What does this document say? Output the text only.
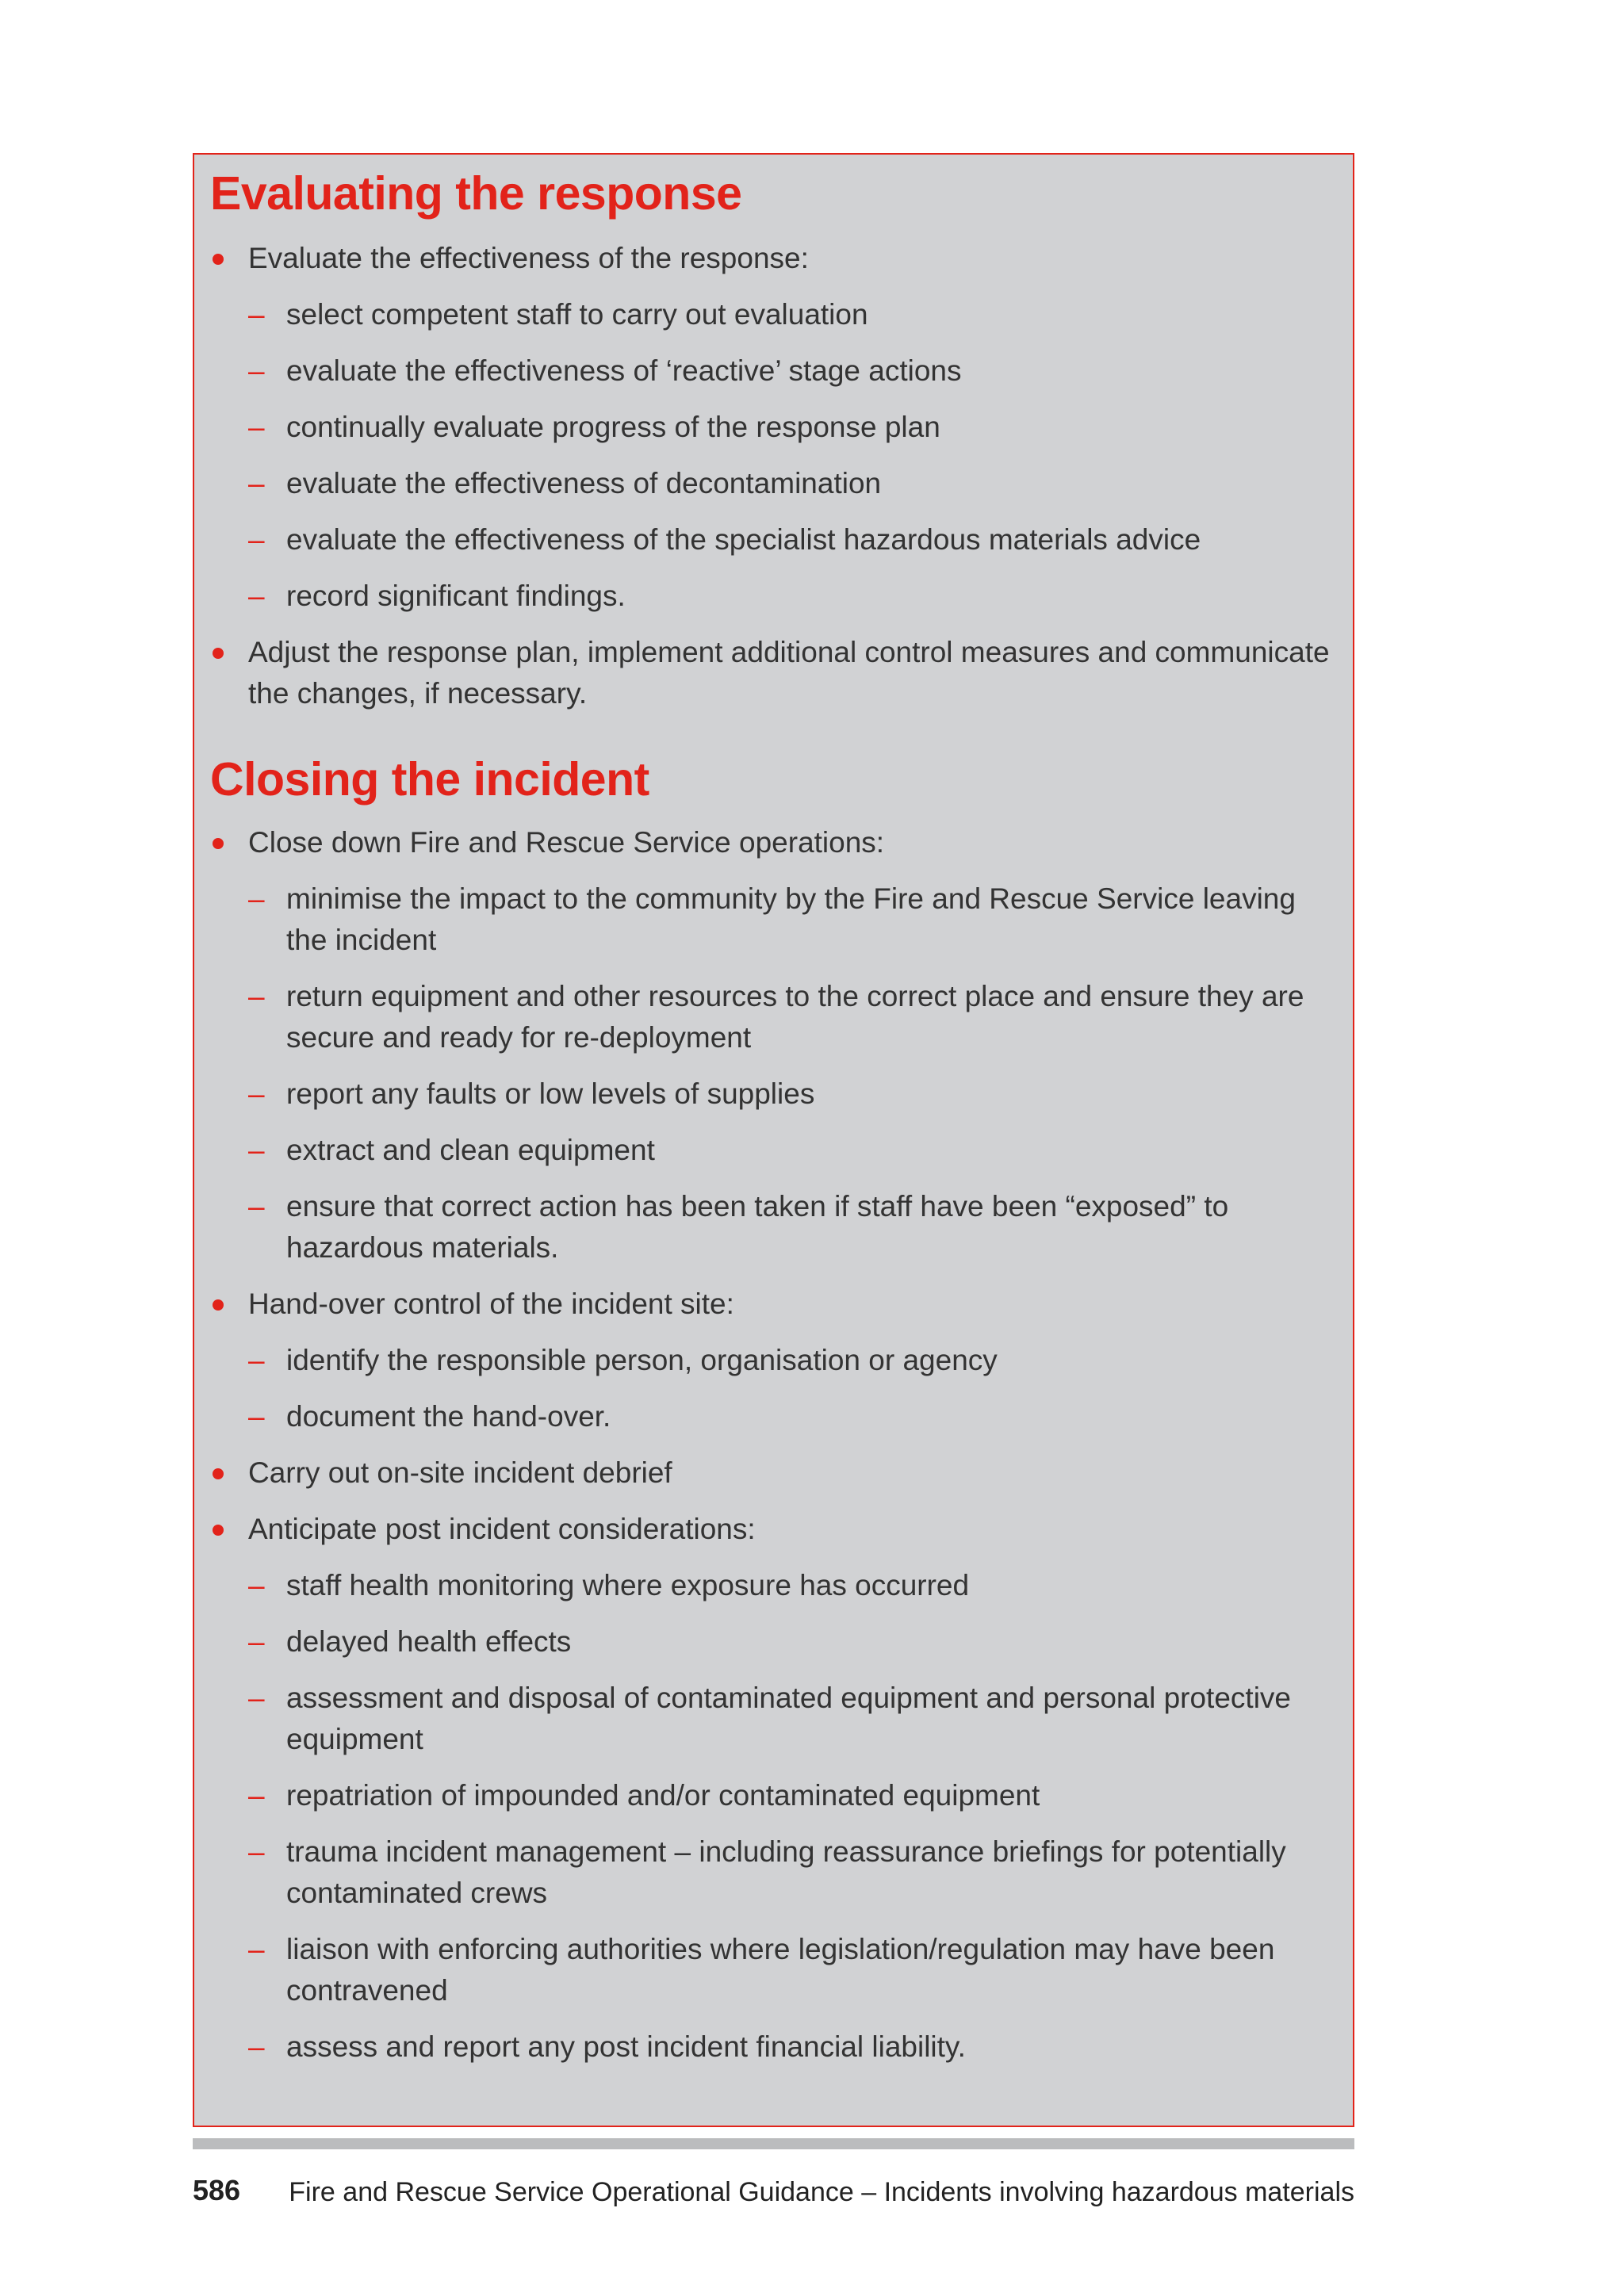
Evaluating the response
Evaluate the effectiveness of the response:
– select competent staff to carry out evaluation
– evaluate the effectiveness of ‘reactive’ stage actions
– continually evaluate progress of the response plan
– evaluate the effectiveness of decontamination
– evaluate the effectiveness of the specialist hazardous materials advice
– record significant findings.
Adjust the response plan, implement additional control measures and communicate the changes, if necessary.
Closing the incident
Close down Fire and Rescue Service operations:
– minimise the impact to the community by the Fire and Rescue Service leaving the incident
– return equipment and other resources to the correct place and ensure they are secure and ready for re-deployment
– report any faults or low levels of supplies
– extract and clean equipment
– ensure that correct action has been taken if staff have been “exposed” to hazardous materials.
Hand-over control of the incident site:
– identify the responsible person, organisation or agency
– document the hand-over.
Carry out on-site incident debrief
Anticipate post incident considerations:
– staff health monitoring where exposure has occurred
– delayed health effects
– assessment and disposal of contaminated equipment and personal protective equipment
– repatriation of impounded and/or contaminated equipment
– trauma incident management – including reassurance briefings for potentially contaminated crews
– liaison with enforcing authorities where legislation/regulation may have been contravened
– assess and report any post incident financial liability.
586 Fire and Rescue Service Operational Guidance – Incidents involving hazardous materials
